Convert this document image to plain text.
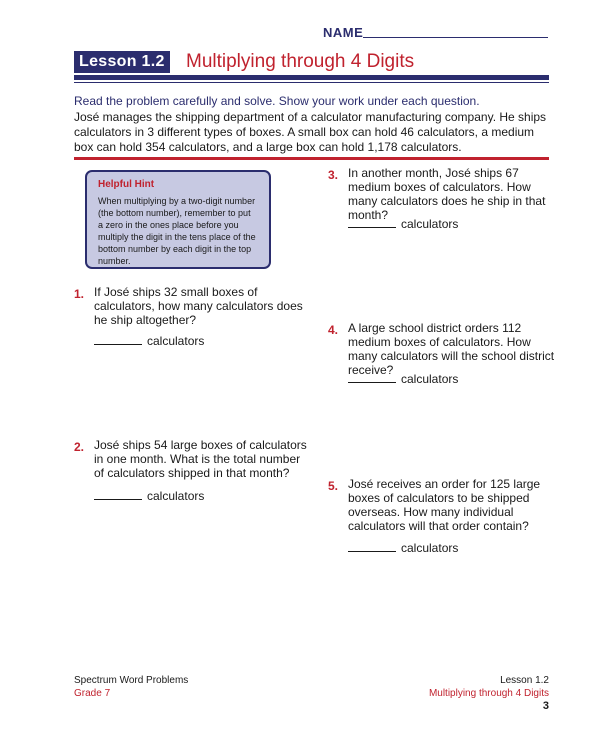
NAME
Lesson 1.2 Multiplying through 4 Digits
Read the problem carefully and solve. Show your work under each question.
José manages the shipping department of a calculator manufacturing company. He ships calculators in 3 different types of boxes. A small box can hold 46 calculators, a medium box can hold 354 calculators, and a large box can hold 1,178 calculators.
Helpful Hint
When multiplying by a two-digit number (the bottom number), remember to put a zero in the ones place before you multiply the digit in the tens place of the bottom number by each digit in the top number.
1. If José ships 32 small boxes of calculators, how many calculators does he ship altogether?
calculators
2. José ships 54 large boxes of calculators in one month. What is the total number of calculators shipped in that month?
calculators
3. In another month, José ships 67 medium boxes of calculators. How many calculators does he ship in that month?
calculators
4. A large school district orders 112 medium boxes of calculators. How many calculators will the school district receive?
calculators
5. José receives an order for 125 large boxes of calculators to be shipped overseas. How many individual calculators will that order contain?
calculators
Spectrum Word Problems
Grade 7
Lesson 1.2
Multiplying through 4 Digits
3
